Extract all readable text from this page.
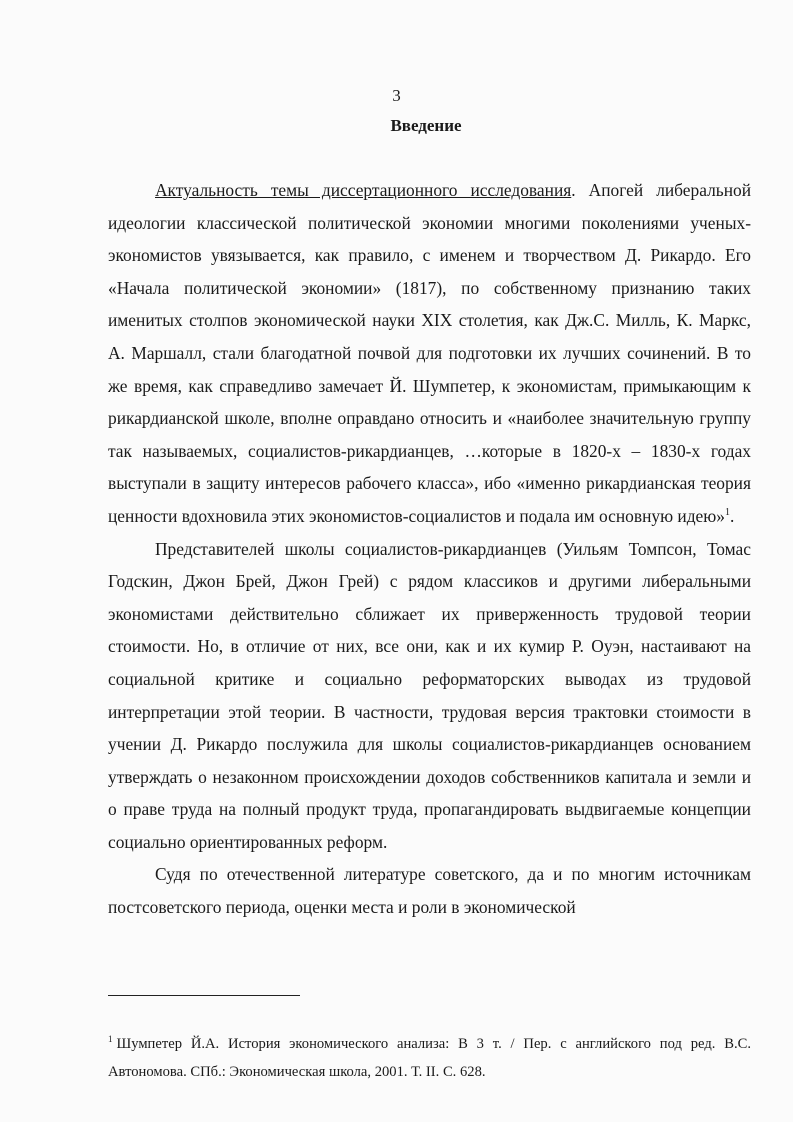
3

Введение

Актуальность темы диссертационного исследования. Апогей либеральной идеологии классической политической экономии многими поколениями ученых-экономистов увязывается, как правило, с именем и творчеством Д. Рикардо. Его «Начала политической экономии» (1817), по собственному признанию таких именитых столпов экономической науки XIX столетия, как Дж.С. Милль, К. Маркс, А. Маршалл, стали благодатной почвой для подготовки их лучших сочинений. В то же время, как справедливо замечает Й. Шумпетер, к экономистам, примыкающим к рикардианской школе, вполне оправдано относить и «наиболее значительную группу так называемых, социалистов-рикардианцев, …которые в 1820-х – 1830-х годах выступали в защиту интересов рабочего класса», ибо «именно рикардианская теория ценности вдохновила этих экономистов-социалистов и подала им основную идею»$^1$.

Представителей школы социалистов-рикардианцев (Уильям Томпсон, Томас Годскин, Джон Брей, Джон Грей) с рядом классиков и другими либеральными экономистами действительно сближает их приверженность трудовой теории стоимости. Но, в отличие от них, все они, как и их кумир Р. Оуэн, настаивают на социальной критике и социально реформаторских выводах из трудовой интерпретации этой теории. В частности, трудовая версия трактовки стоимости в учении Д. Рикардо послужила для школы социалистов-рикардианцев основанием утверждать о незаконном происхождении доходов собственников капитала и земли и о праве труда на полный продукт труда, пропагандировать выдвигаемые концепции социально ориентированных реформ.

Судя по отечественной литературе советского, да и по многим источникам постсоветского периода, оценки места и роли в экономической

$^1$ Шумпетер Й.А. История экономического анализа: В 3 т. / Пер. с английского под ред. В.С. Автономова. СПб.: Экономическая школа, 2001. Т. II. С. 628.
